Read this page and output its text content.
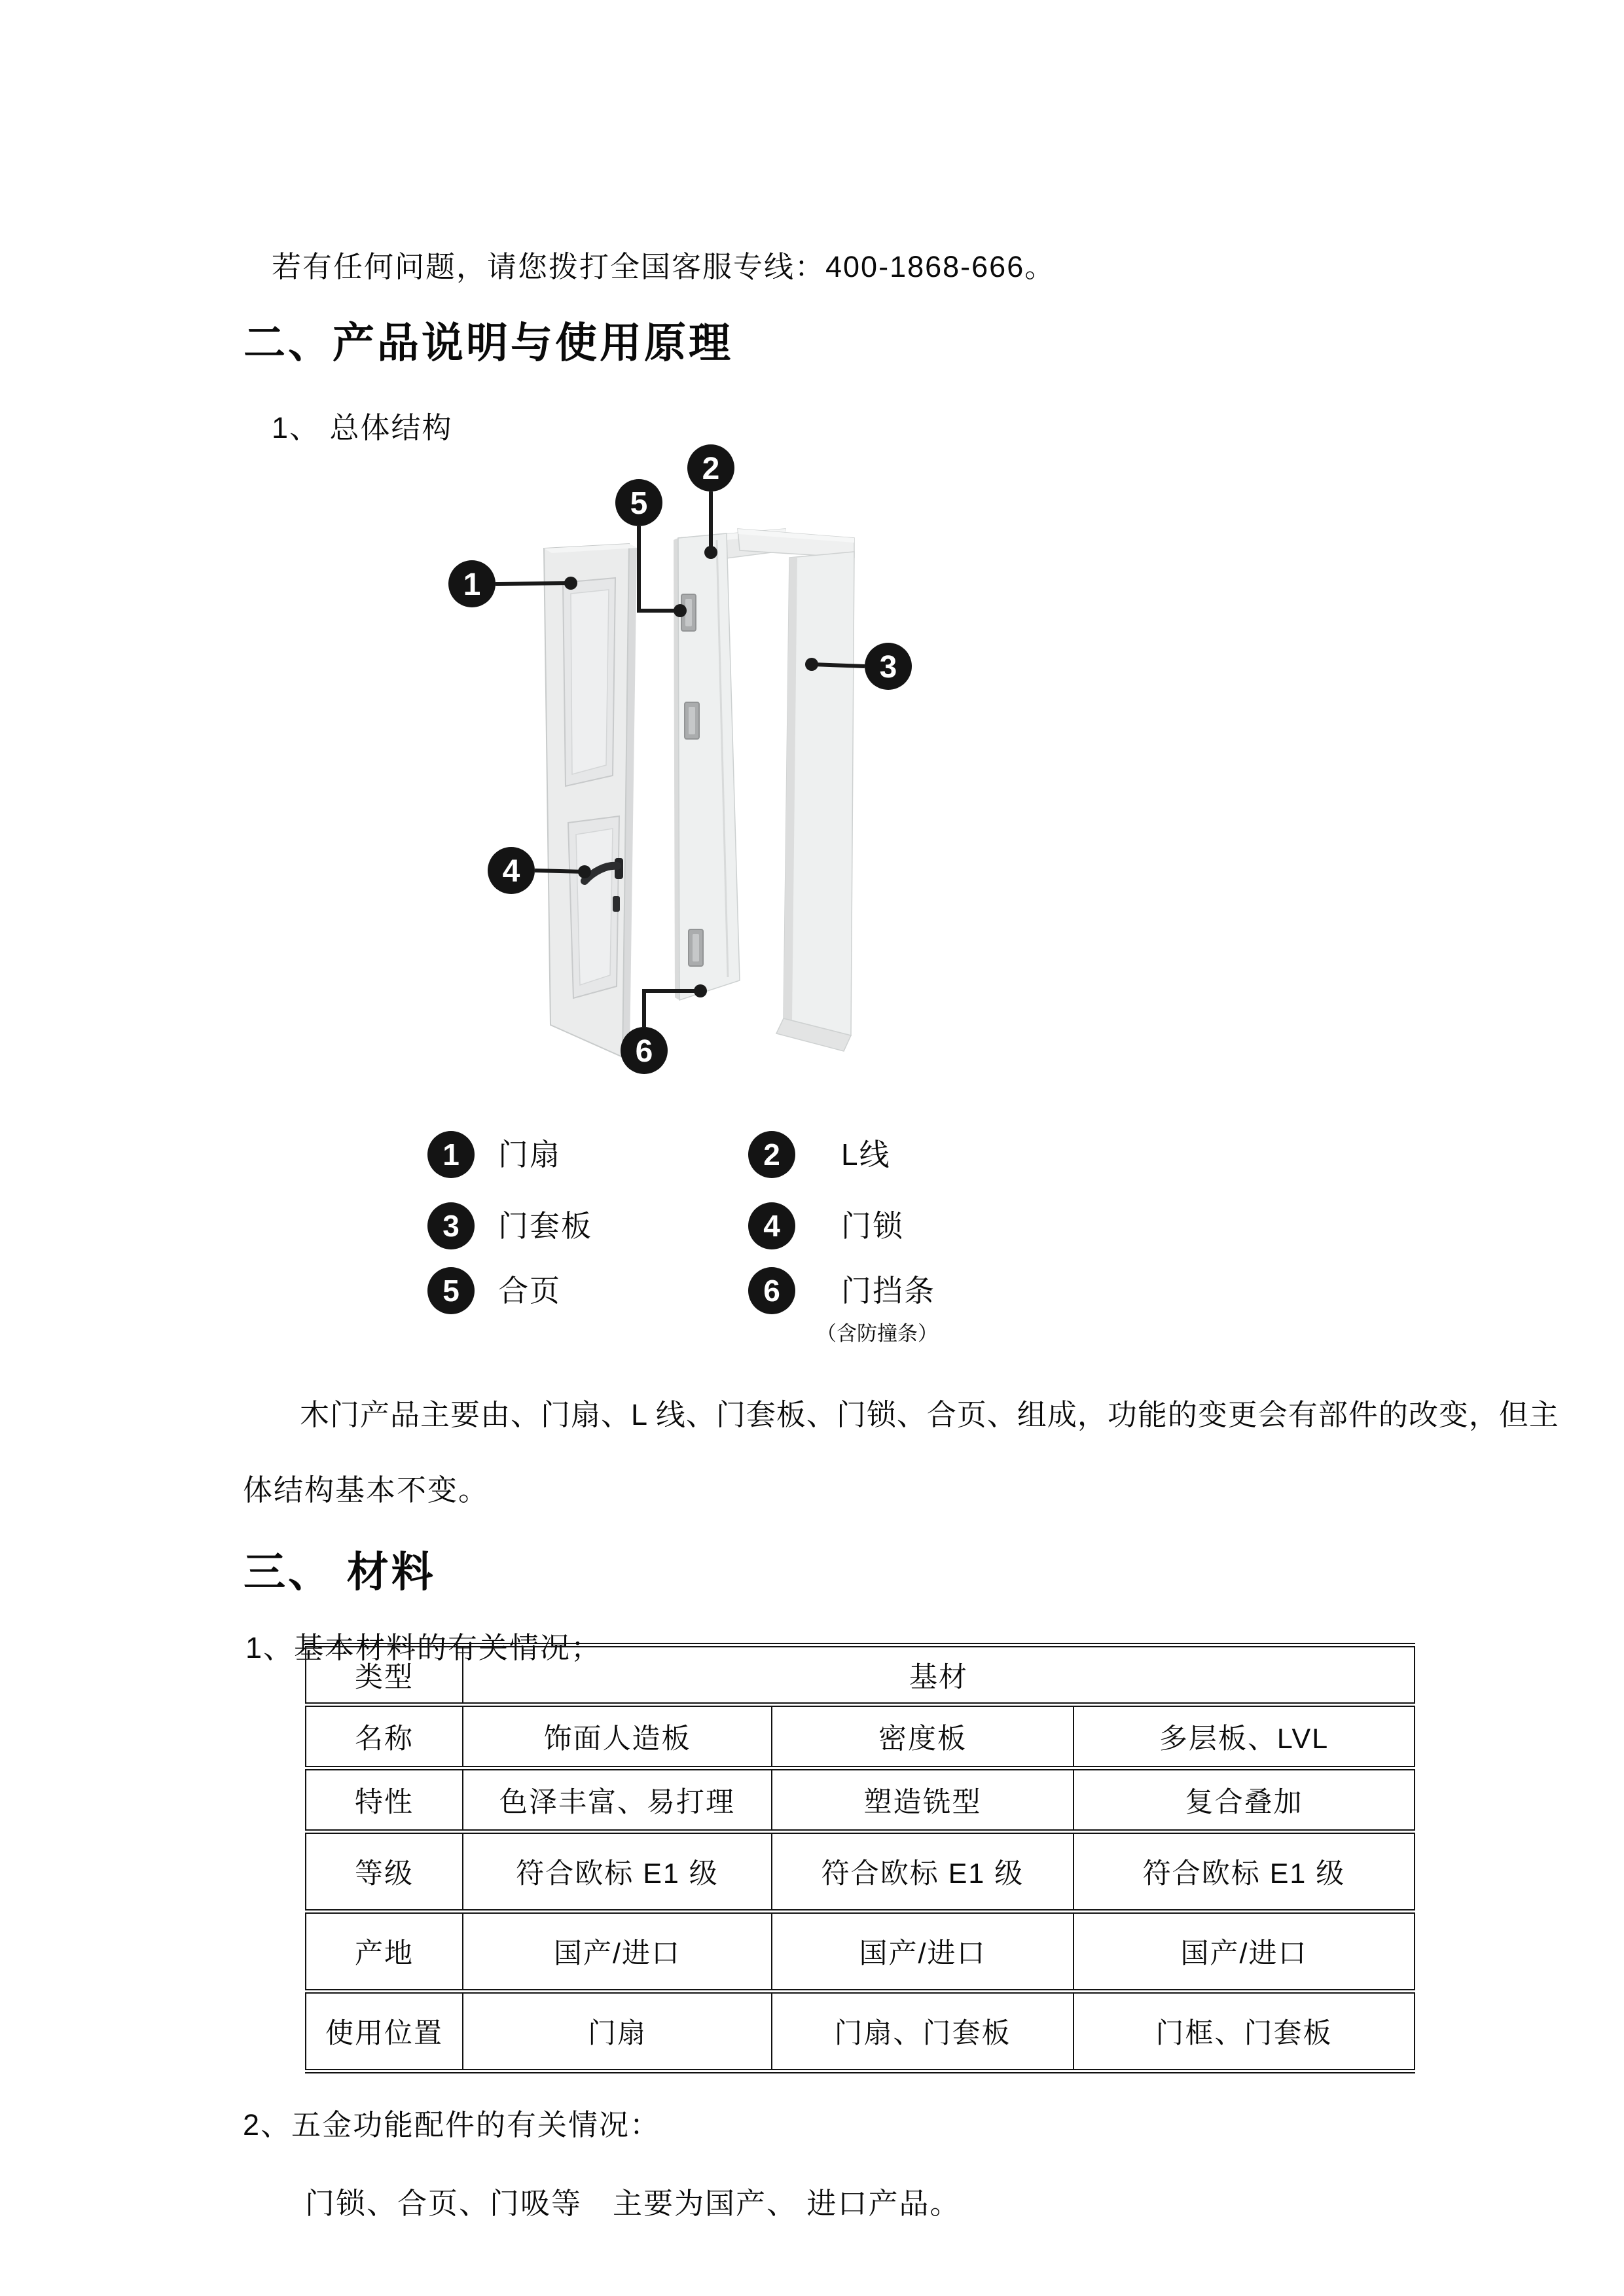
若有任何问题，请您拨打全国客服专线：400-1868-666。

二、产品说明与使用原理

1、 总体结构

1
2
3
4
5
6
1	门扇	2	L线
3	门套板	4	门锁
5	合页	6	门挡条
（含防撞条）

木门产品主要由、门扇、L 线、门套板、门锁、合页、组成，功能的变更会有部件的改变，但主

体结构基本不变。

三、 材料

1、基本材料的有关情况；

类型	基材		
名称	饰面人造板	密度板	多层板、LVL
特性	色泽丰富、易打理	塑造铣型	复合叠加
等级	符合欧标 E1 级	符合欧标 E1 级	符合欧标 E1 级
产地	国产/进口	国产/进口	国产/进口
使用位置	门扇	门扇、门套板	门框、门套板

2、五金功能配件的有关情况：

门锁、合页、门吸等　主要为国产、 进口产品。
